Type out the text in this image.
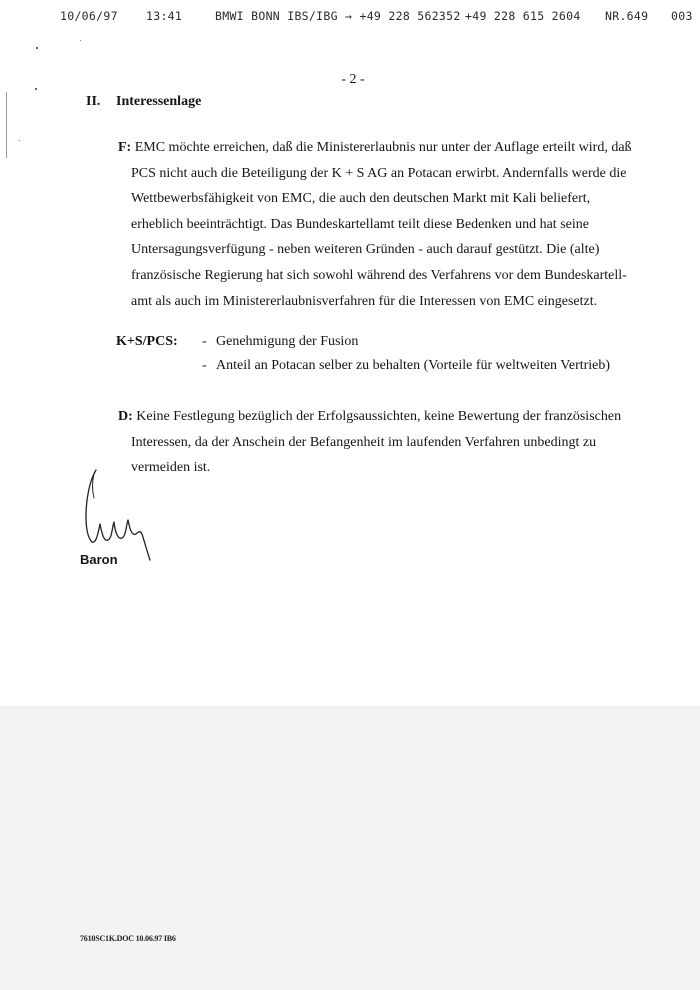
10/06/97 13:41	BMWI BONN IBS/IBG → +49 228 562352 +49 228 615 2604 NR.649 003
- 2 -
II. Interessenlage
F: EMC möchte erreichen, daß die Ministererlaubnis nur unter der Auflage erteilt wird, daß
PCS nicht auch die Beteiligung der K + S AG an Potacan erwirbt. Andernfalls werde die
Wettbewerbsfähigkeit von EMC, die auch den deutschen Markt mit Kali beliefert,
erheblich beeinträchtigt. Das Bundeskartellamt teilt diese Bedenken und hat seine
Untersagungsverfügung - neben weiteren Gründen - auch darauf gestützt. Die (alte)
französische Regierung hat sich sowohl während des Verfahrens vor dem Bundeskartell-
amt als auch im Ministererlaubnisverfahren für die Interessen von EMC eingesetzt.
K+S/PCS:	- Genehmigung der Fusion
- Anteil an Potacan selber zu behalten (Vorteile für weltweiten Vertrieb)
D: Keine Festlegung bezüglich der Erfolgsaussichten, keine Bewertung der französischen
Interessen, da der Anschein der Befangenheit im laufenden Verfahren unbedingt zu
vermeiden ist.
Baron
7610SC1K.DOC 10.06.97 IB6
